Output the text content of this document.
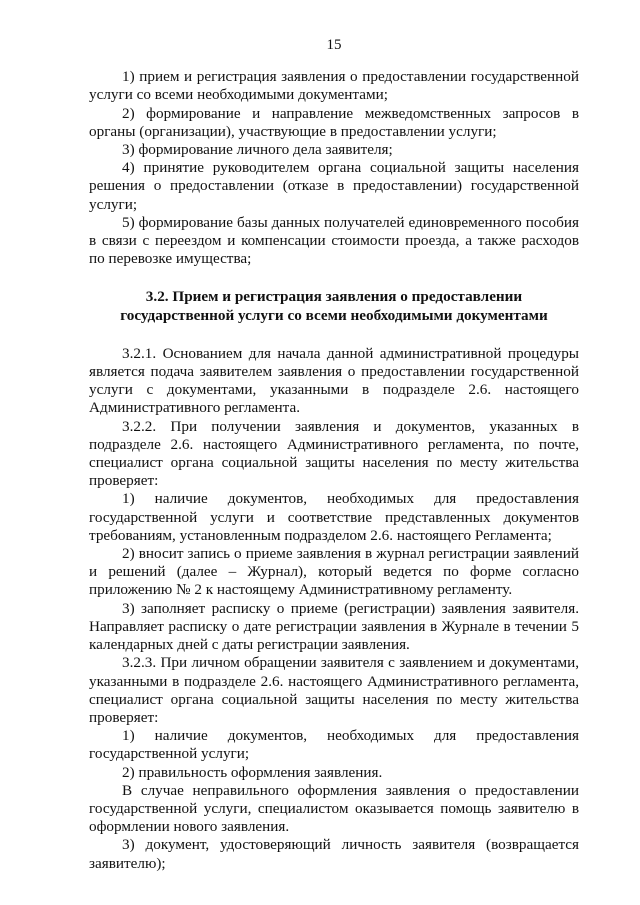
15

1) прием и регистрация заявления о предоставлении государственной услуги со всеми необходимыми документами;

2) формирование и направление межведомственных запросов в органы (организации), участвующие в предоставлении услуги;

3) формирование личного дела заявителя;

4) принятие руководителем органа социальной защиты населения решения о предоставлении (отказе в предоставлении) государственной услуги;

5) формирование базы данных получателей единовременного пособия в связи с переездом и компенсации стоимости проезда, а также расходов по перевозке имущества;

3.2. Прием и регистрация заявления о предоставлении
государственной услуги со всеми необходимыми документами

3.2.1. Основанием для начала данной административной процедуры является подача заявителем заявления о предоставлении государственной услуги с документами, указанными в подразделе 2.6. настоящего Административного регламента.

3.2.2. При получении заявления и документов, указанных в подразделе 2.6. настоящего Административного регламента, по почте, специалист органа социальной защиты населения по месту жительства проверяет:

1) наличие документов, необходимых для предоставления государственной услуги и соответствие представленных документов требованиям, установленным подразделом 2.6. настоящего Регламента;

2) вносит запись о приеме заявления в журнал регистрации заявлений и решений (далее – Журнал), который ведется по форме согласно приложению № 2 к настоящему Административному регламенту.

3) заполняет расписку о приеме (регистрации) заявления заявителя. Направляет расписку о дате регистрации заявления в Журнале в течении 5 календарных дней с даты регистрации заявления.

3.2.3. При личном обращении заявителя с заявлением и документами, указанными в подразделе 2.6. настоящего Административного регламента, специалист органа социальной защиты населения по месту жительства проверяет:

1) наличие документов, необходимых для предоставления государственной услуги;

2) правильность оформления заявления.

В случае неправильного оформления заявления о предоставлении государственной услуги, специалистом оказывается помощь заявителю в оформлении нового заявления.

3) документ, удостоверяющий личность заявителя (возвращается заявителю);
